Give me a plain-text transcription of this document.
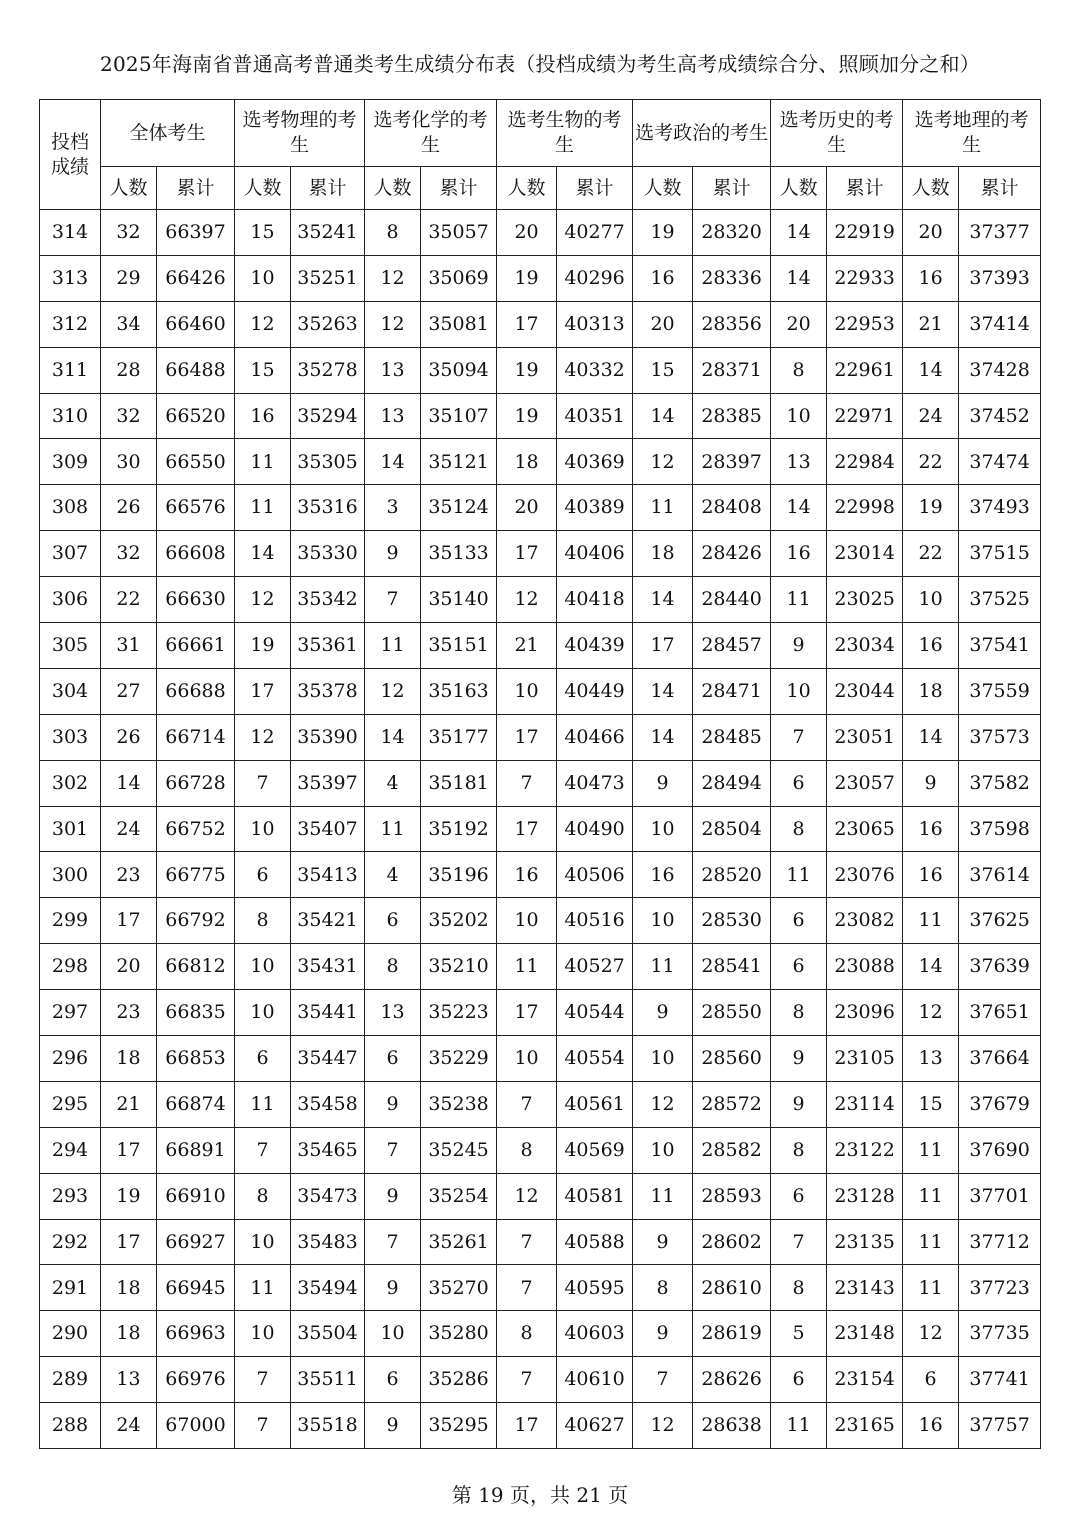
2025年海南省普通高考普通类考生成绩分布表（投档成绩为考生高考成绩综合分、照顾加分之和）
投档成绩	全体考生		选考物理的考生		选考化学的考生		选考生物的考生		选考政治的考生		选考历史的考生		选考地理的考生	
	人数	累计	人数	累计	人数	累计	人数	累计	人数	累计	人数	累计	人数	累计
314	32	66397	15	35241	8	35057	20	40277	19	28320	14	22919	20	37377
313	29	66426	10	35251	12	35069	19	40296	16	28336	14	22933	16	37393
312	34	66460	12	35263	12	35081	17	40313	20	28356	20	22953	21	37414
311	28	66488	15	35278	13	35094	19	40332	15	28371	8	22961	14	37428
310	32	66520	16	35294	13	35107	19	40351	14	28385	10	22971	24	37452
309	30	66550	11	35305	14	35121	18	40369	12	28397	13	22984	22	37474
308	26	66576	11	35316	3	35124	20	40389	11	28408	14	22998	19	37493
307	32	66608	14	35330	9	35133	17	40406	18	28426	16	23014	22	37515
306	22	66630	12	35342	7	35140	12	40418	14	28440	11	23025	10	37525
305	31	66661	19	35361	11	35151	21	40439	17	28457	9	23034	16	37541
304	27	66688	17	35378	12	35163	10	40449	14	28471	10	23044	18	37559
303	26	66714	12	35390	14	35177	17	40466	14	28485	7	23051	14	37573
302	14	66728	7	35397	4	35181	7	40473	9	28494	6	23057	9	37582
301	24	66752	10	35407	11	35192	17	40490	10	28504	8	23065	16	37598
300	23	66775	6	35413	4	35196	16	40506	16	28520	11	23076	16	37614
299	17	66792	8	35421	6	35202	10	40516	10	28530	6	23082	11	37625
298	20	66812	10	35431	8	35210	11	40527	11	28541	6	23088	14	37639
297	23	66835	10	35441	13	35223	17	40544	9	28550	8	23096	12	37651
296	18	66853	6	35447	6	35229	10	40554	10	28560	9	23105	13	37664
295	21	66874	11	35458	9	35238	7	40561	12	28572	9	23114	15	37679
294	17	66891	7	35465	7	35245	8	40569	10	28582	8	23122	11	37690
293	19	66910	8	35473	9	35254	12	40581	11	28593	6	23128	11	37701
292	17	66927	10	35483	7	35261	7	40588	9	28602	7	23135	11	37712
291	18	66945	11	35494	9	35270	7	40595	8	28610	8	23143	11	37723
290	18	66963	10	35504	10	35280	8	40603	9	28619	5	23148	12	37735
289	13	66976	7	35511	6	35286	7	40610	7	28626	6	23154	6	37741
288	24	67000	7	35518	9	35295	17	40627	12	28638	11	23165	16	37757
第 19 页，共 21 页
